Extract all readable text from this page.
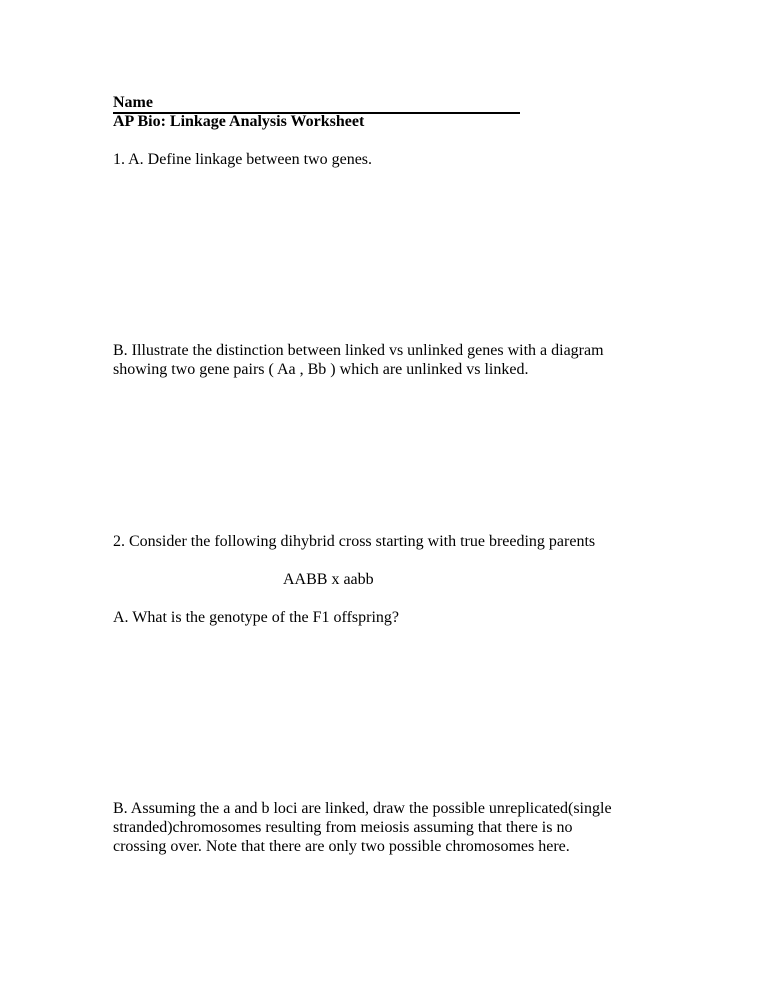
Name
AP Bio: Linkage Analysis Worksheet
1. A. Define linkage between two genes.
B. Illustrate the distinction between linked vs unlinked genes with a diagram
showing two gene pairs ( Aa , Bb ) which are unlinked vs linked.
2. Consider the following dihybrid cross starting with true breeding parents
AABB x aabb
A. What is the genotype of the F1 offspring?
B. Assuming the a and b loci are linked, draw the possible unreplicated(single
stranded)chromosomes resulting from meiosis assuming that there is no
crossing over. Note that there are only two possible chromosomes here.
